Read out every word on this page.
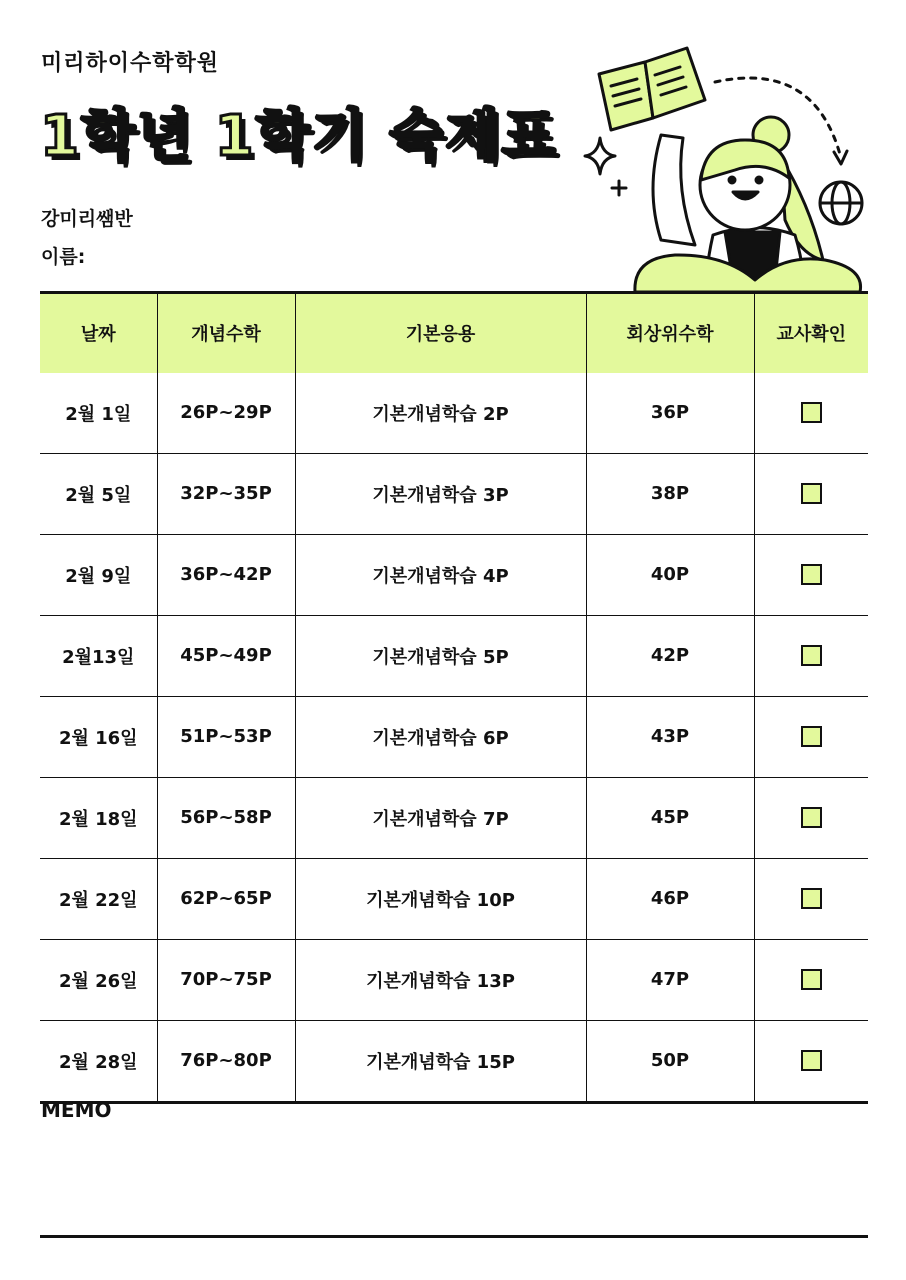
미리하이수학학원
1학년 1학기 숙제표
강미리쌤반
이름:
날짜	개념수학	기본응용	회상위수학	교사확인
2월 1일	26P~29P	기본개념학습 2P	36P	
2월 5일	32P~35P	기본개념학습 3P	38P	
2월 9일	36P~42P	기본개념학습 4P	40P	
2월13일	45P~49P	기본개념학습 5P	42P	
2월 16일	51P~53P	기본개념학습 6P	43P	
2월 18일	56P~58P	기본개념학습 7P	45P	
2월 22일	62P~65P	기본개념학습 10P	46P	
2월 26일	70P~75P	기본개념학습 13P	47P	
2월 28일	76P~80P	기본개념학습 15P	50P	
MEMO
